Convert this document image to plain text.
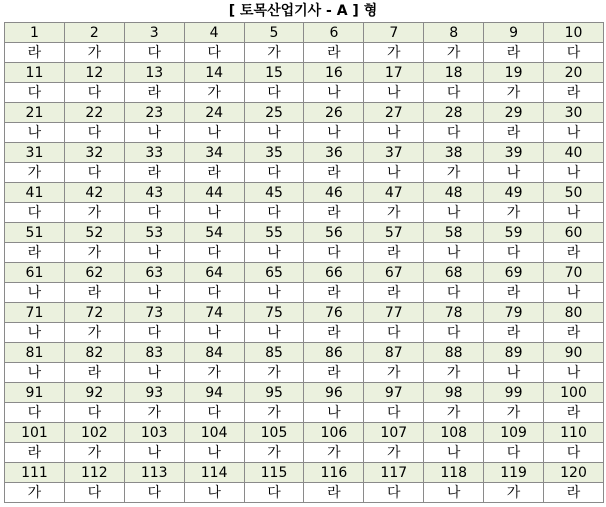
[ 토목산업기사 - A ] 형
1	2	3	4	5	6	7	8	9	10
라	가	다	다	가	라	가	가	라	다
11	12	13	14	15	16	17	18	19	20
다	다	라	가	다	나	나	다	가	라
21	22	23	24	25	26	27	28	29	30
나	다	나	나	나	나	나	다	라	나
31	32	33	34	35	36	37	38	39	40
가	다	라	라	다	라	나	가	나	나
41	42	43	44	45	46	47	48	49	50
다	가	다	나	다	라	가	나	가	나
51	52	53	54	55	56	57	58	59	60
라	가	나	다	나	다	라	나	다	라
61	62	63	64	65	66	67	68	69	70
나	라	나	다	나	라	라	다	라	나
71	72	73	74	75	76	77	78	79	80
나	가	다	나	나	라	다	다	라	라
81	82	83	84	85	86	87	88	89	90
나	라	나	가	가	라	가	가	나	나
91	92	93	94	95	96	97	98	99	100
다	다	가	다	가	나	다	가	가	라
101	102	103	104	105	106	107	108	109	110
라	가	나	나	가	가	가	나	다	다
111	112	113	114	115	116	117	118	119	120
가	다	다	나	다	라	다	나	가	라
